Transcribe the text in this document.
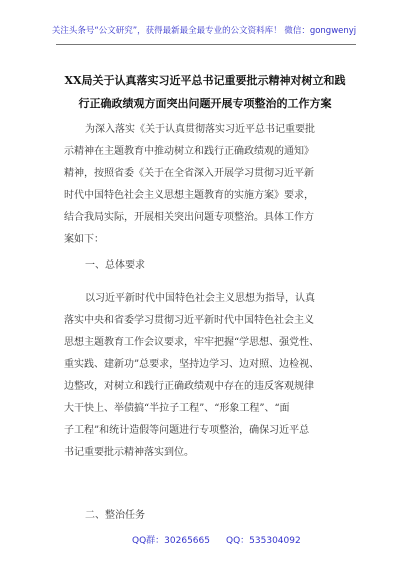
关注头条号“公文研究”，获得最新最全最专业的公文资料库！ 微信：gongwenyj
XX局关于认真落实习近平总书记重要批示精神对树立和践
行正确政绩观方面突出问题开展专项整治的工作方案
为深入落实《关于认真贯彻落实习近平总书记重要批
示精神在主题教育中推动树立和践行正确政绩观的通知》
精神，按照省委《关于在全省深入开展学习贯彻习近平新
时代中国特色社会主义思想主题教育的实施方案》要求，
结合我局实际，开展相关突出问题专项整治。具体工作方
案如下：
一、总体要求
以习近平新时代中国特色社会主义思想为指导，认真
落实中央和省委学习贯彻习近平新时代中国特色社会主义
思想主题教育工作会议要求，牢牢把握“学思想、强党性、
重实践、建新功”总要求，坚持边学习、边对照、边检视、
边整改，对树立和践行正确政绩观中存在的违反客观规律
大干快上、举债搞“半拉子工程”、“形象工程”、“面
子工程”和统计造假等问题进行专项整治，确保习近平总
书记重要批示精神落实到位。
二、整治任务
QQ群：30265665 QQ：535304092
